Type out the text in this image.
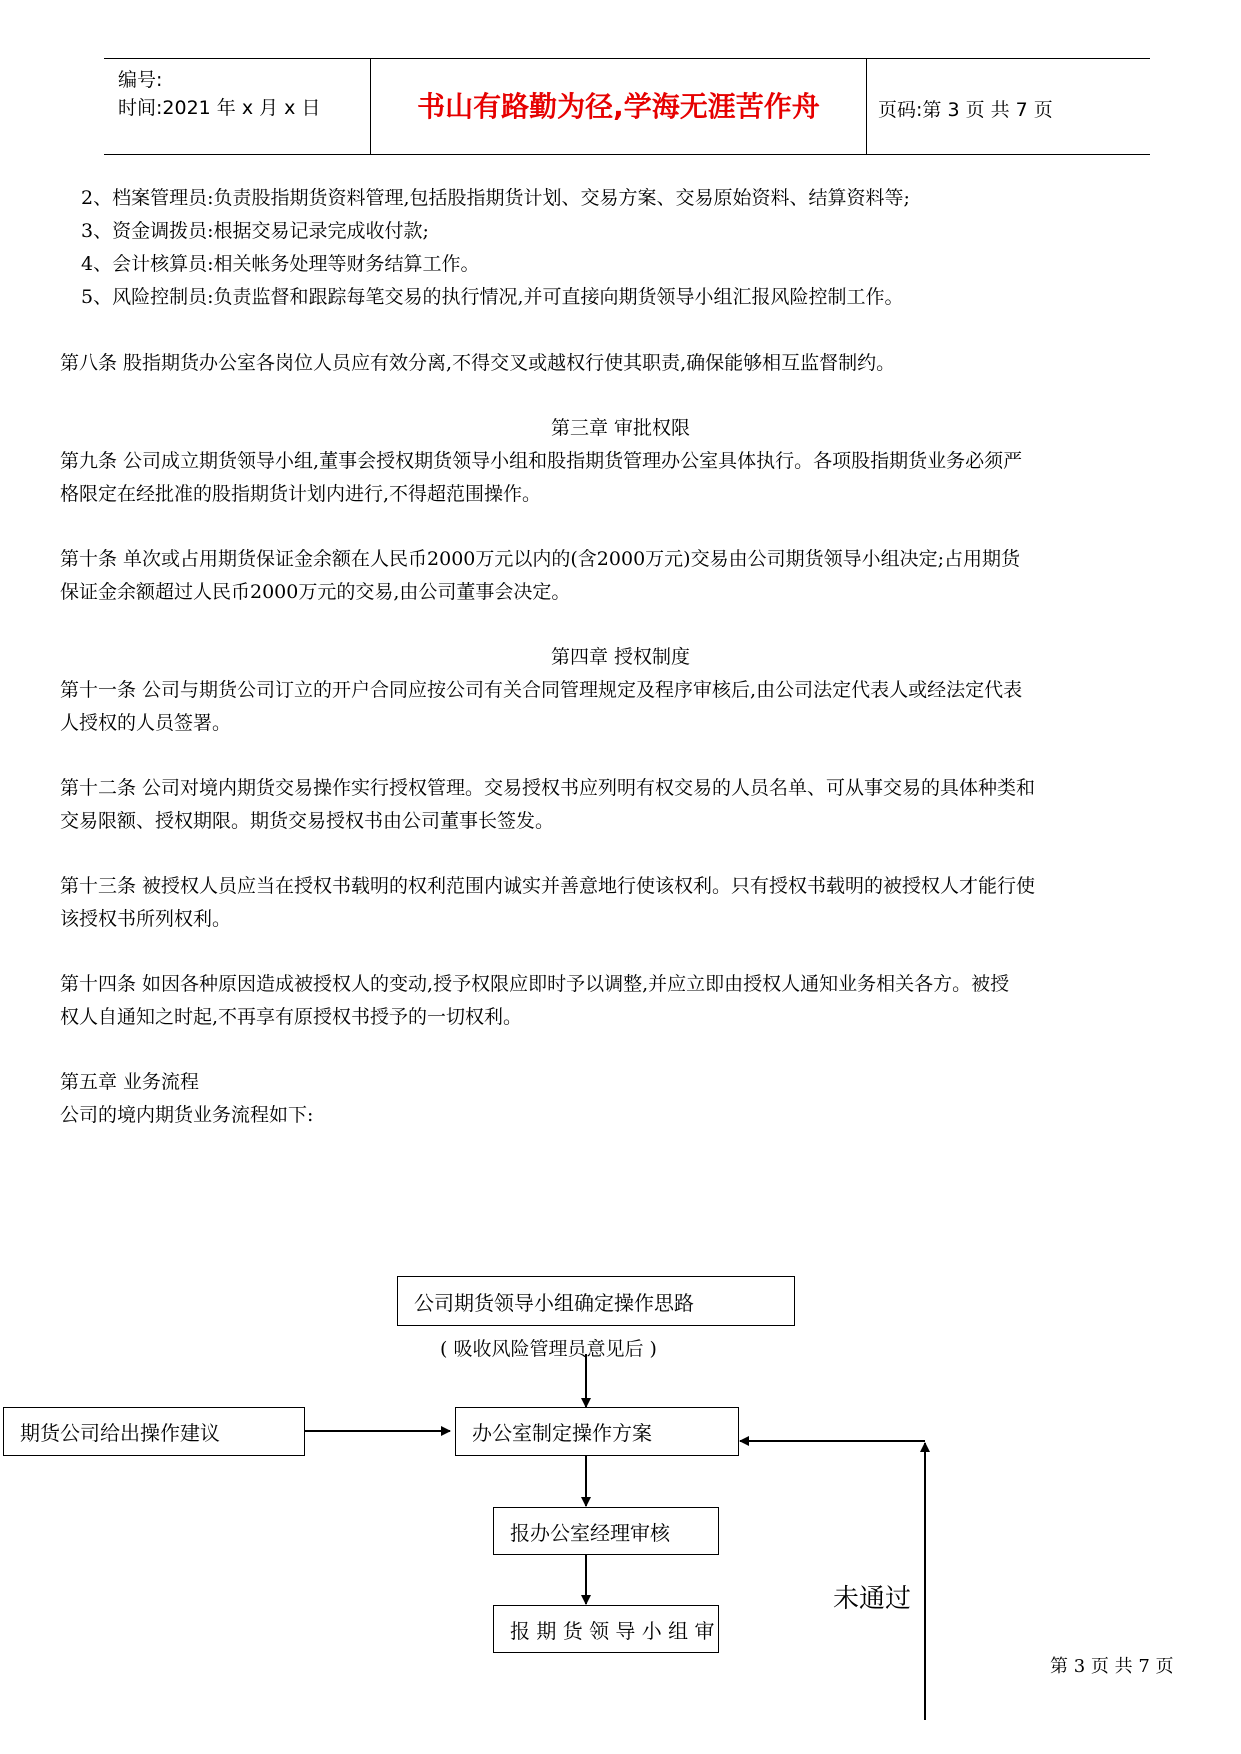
编号:
时间:2021 年 x 月 x 日	书山有路勤为径,学海无涯苦作舟	页码:第 3 页 共 7 页
2、档案管理员:负责股指期货资料管理,包括股指期货计划、交易方案、交易原始资料、结算资料等;
3、资金调拨员:根据交易记录完成收付款;
4、会计核算员:相关帐务处理等财务结算工作。
5、风险控制员:负责监督和跟踪每笔交易的执行情况,并可直接向期货领导小组汇报风险控制工作。
第八条 股指期货办公室各岗位人员应有效分离,不得交叉或越权行使其职责,确保能够相互监督制约。
第三章 审批权限
第九条 公司成立期货领导小组,董事会授权期货领导小组和股指期货管理办公室具体执行。各项股指期货业务必须严
格限定在经批准的股指期货计划内进行,不得超范围操作。
第十条 单次或占用期货保证金余额在人民币2000万元以内的(含2000万元)交易由公司期货领导小组决定;占用期货
保证金余额超过人民币2000万元的交易,由公司董事会决定。
第四章 授权制度
第十一条 公司与期货公司订立的开户合同应按公司有关合同管理规定及程序审核后,由公司法定代表人或经法定代表
人授权的人员签署。
第十二条 公司对境内期货交易操作实行授权管理。交易授权书应列明有权交易的人员名单、可从事交易的具体种类和
交易限额、授权期限。期货交易授权书由公司董事长签发。
第十三条 被授权人员应当在授权书载明的权利范围内诚实并善意地行使该权利。只有授权书载明的被授权人才能行使
该授权书所列权利。
第十四条 如因各种原因造成被授权人的变动,授予权限应即时予以调整,并应立即由授权人通知业务相关各方。被授
权人自通知之时起,不再享有原授权书授予的一切权利。
第五章 业务流程
公司的境内期货业务流程如下:
公司期货领导小组确定操作思路
( 吸收风险管理员意见后 )
期货公司给出操作建议	办公室制定操作方案
报办公室经理审核
报 期 货 领 导 小 组 审
未通过
第 3 页 共 7 页
